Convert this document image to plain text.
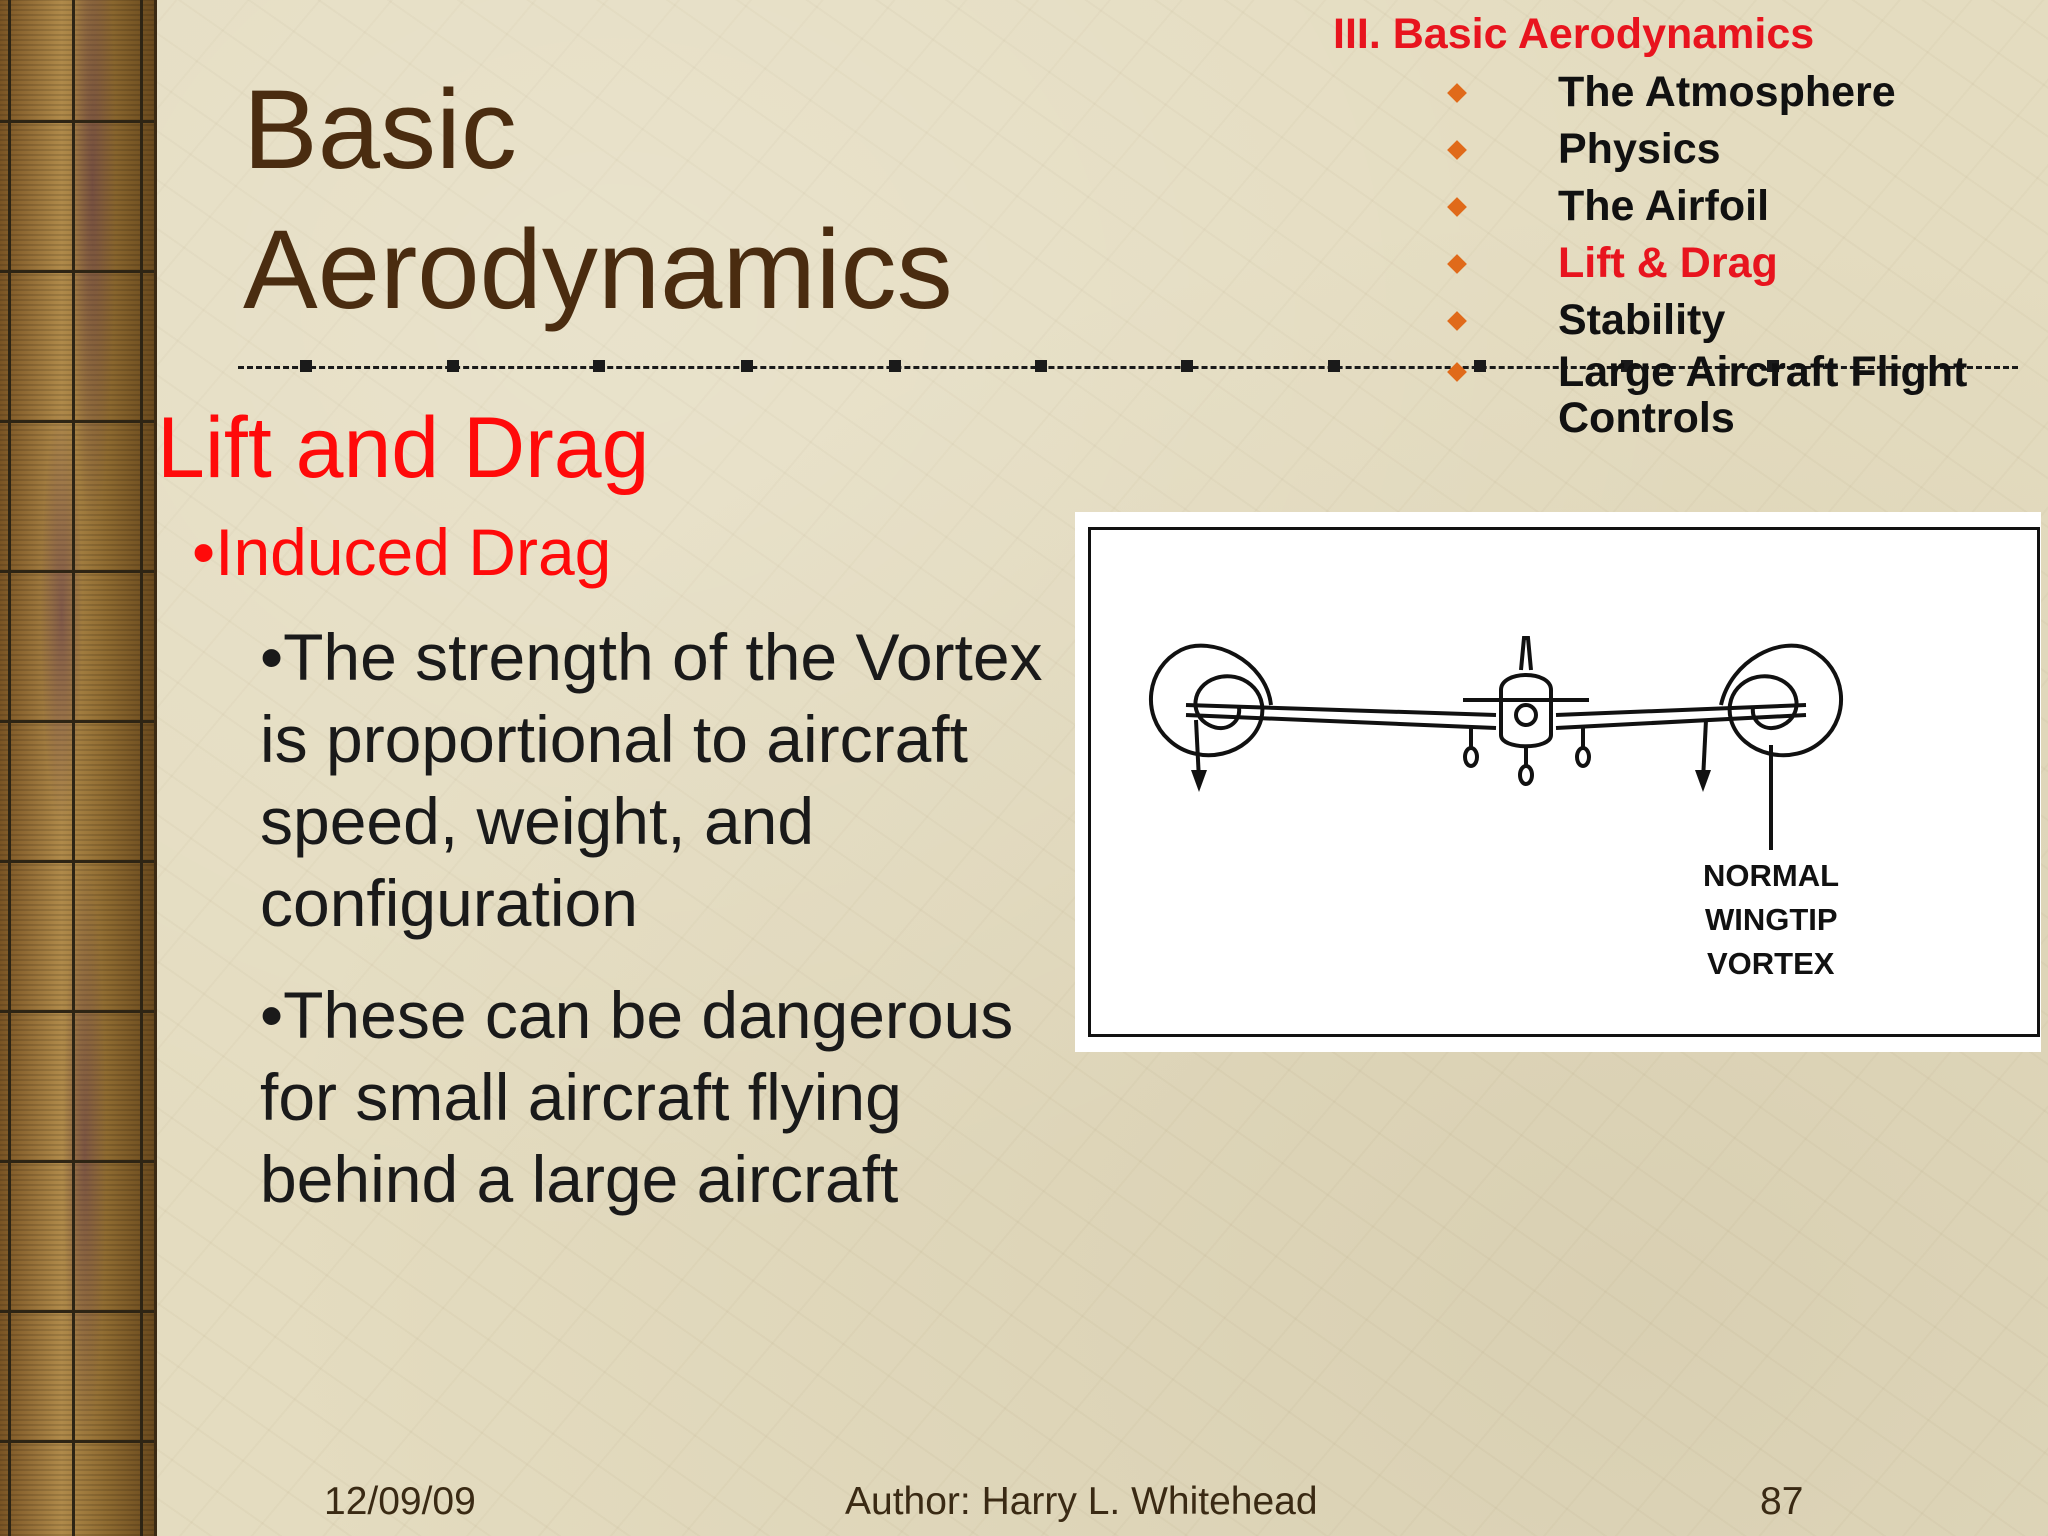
Basic
Aerodynamics
Lift and Drag
•Induced Drag
•The strength of the Vortex is proportional to aircraft speed, weight, and configuration
•These can be dangerous for small aircraft flying behind a large aircraft
III. Basic Aerodynamics
The Atmosphere
Physics
The Airfoil
Lift & Drag
Stability
Large Aircraft Flight Controls
NORMAL
WINGTIP
VORTEX
12/09/09	Author: Harry L. Whitehead	87
